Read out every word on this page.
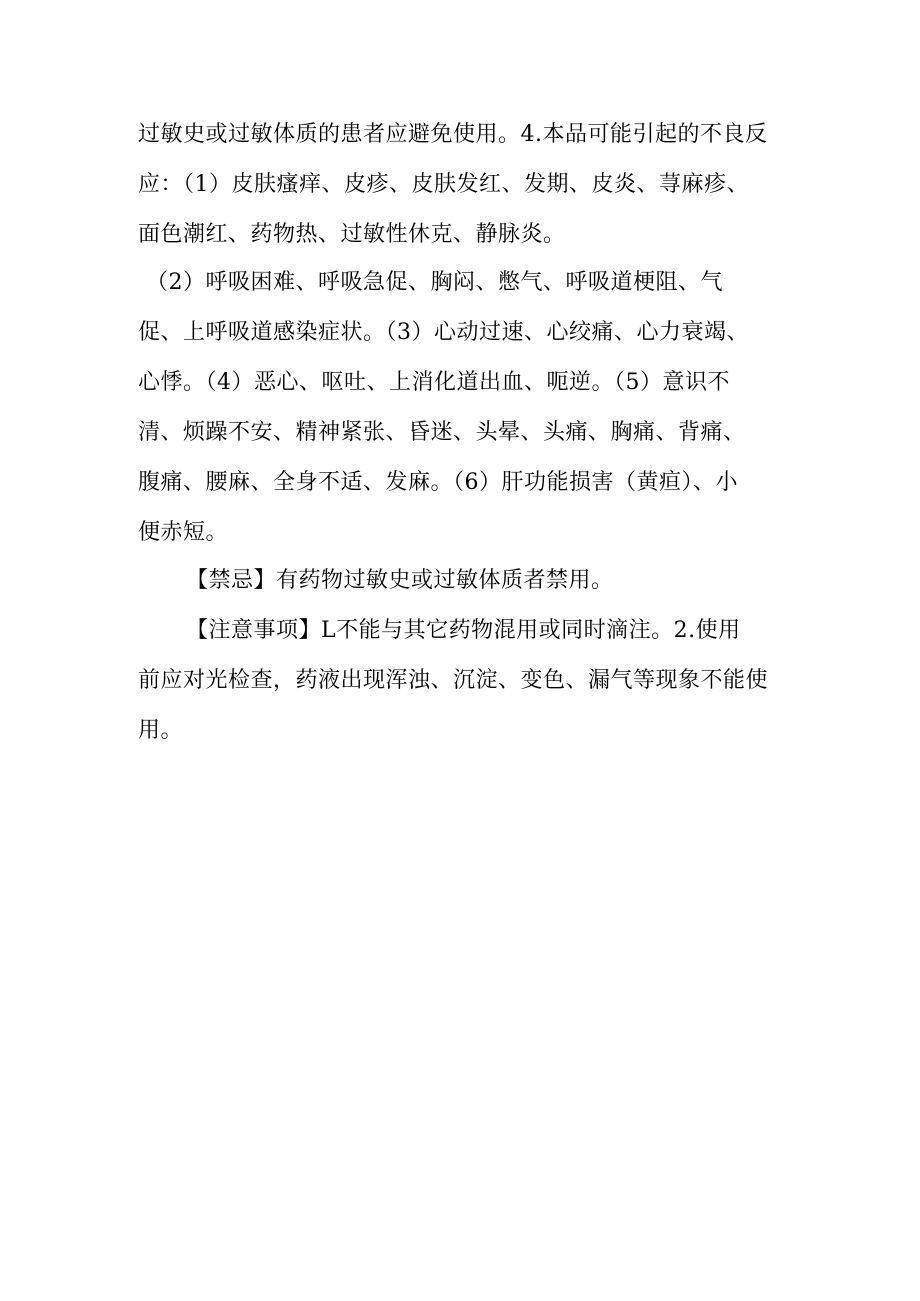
过敏史或过敏体质的患者应避免使用。4.本品可能引起的不良反
应：（1）皮肤瘙痒、皮疹、皮肤发红、发期、皮炎、荨麻疹、
面色潮红、药物热、过敏性休克、静脉炎。
（2）呼吸困难、呼吸急促、胸闷、憋气、呼吸道梗阻、气
促、上呼吸道感染症状。（3）心动过速、心绞痛、心力衰竭、
心悸。（4）恶心、呕吐、上消化道出血、呃逆。（5）意识不
清、烦躁不安、精神紧张、昏迷、头晕、头痛、胸痛、背痛、
腹痛、腰麻、全身不适、发麻。（6）肝功能损害（黄疸）、小
便赤短。
【禁忌】有药物过敏史或过敏体质者禁用。
【注意事项】L不能与其它药物混用或同时滴注。2.使用
前应对光检查，药液出现浑浊、沉淀、变色、漏气等现象不能使
用。
